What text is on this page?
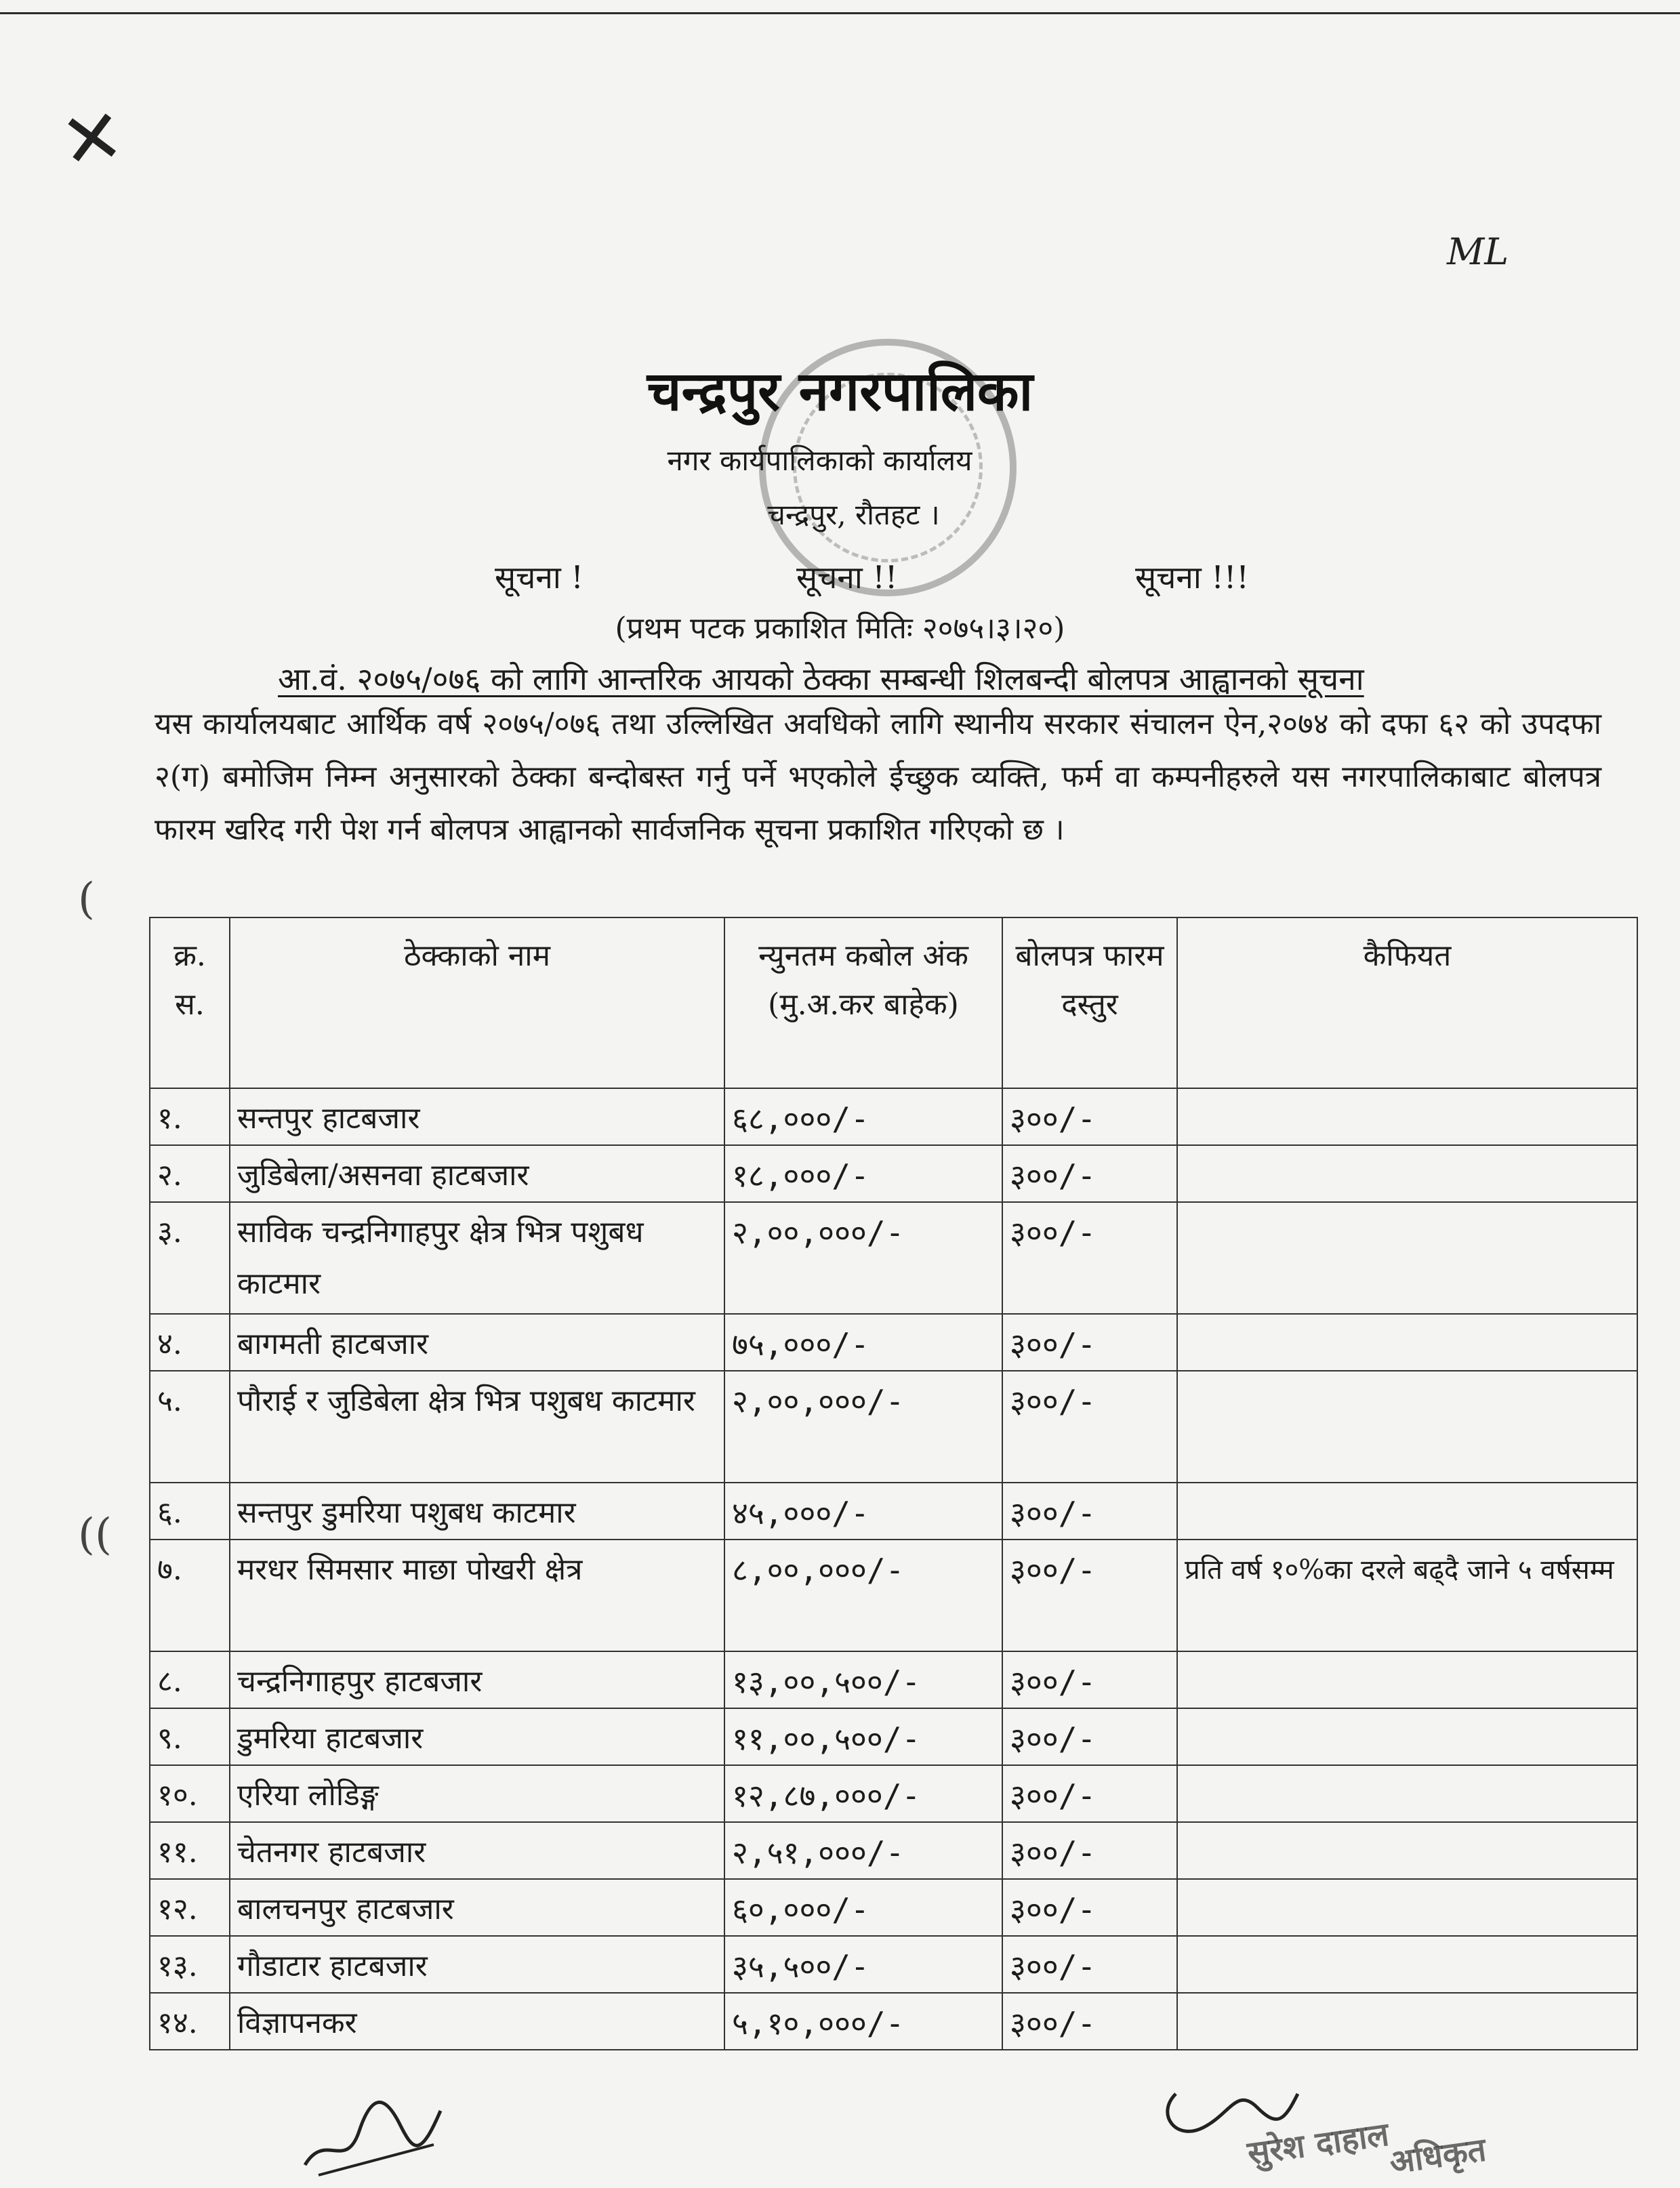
✕
ML
चन्द्रपुर नगरपालिका
नगर कार्यपालिकाको कार्यालय
चन्द्रपुर, रौतहट ।
सूचना !	सूचना !!	सूचना !!!
(प्रथम पटक प्रकाशित मितिः २०७५।३।२०)
आ.वं. २०७५/०७६ को लागि आन्तरिक आयको ठेक्का सम्बन्धी शिलबन्दी बोलपत्र आह्वानको सूचना
यस कार्यालयबाट आर्थिक वर्ष २०७५/०७६ तथा उल्लिखित अवधिको लागि स्थानीय सरकार संचालन ऐन,२०७४ को दफा ६२ को उपदफा २(ग) बमोजिम निम्न अनुसारको ठेक्का बन्दोबस्त गर्नु पर्ने भएकोले ईच्छुक व्यक्ति, फर्म वा कम्पनीहरुले यस नगरपालिकाबाट बोलपत्र फारम खरिद गरी पेश गर्न बोलपत्र आह्वानको सार्वजनिक सूचना प्रकाशित गरिएको छ ।
(
((
क्र. स.	ठेक्काको नाम	न्युनतम कबोल अंक (मु.अ.कर बाहेक)	बोलपत्र फारम दस्तुर	कैफियत
१.	सन्तपुर हाटबजार	६८,०००/-	३००/-	
२.	जुडिबेला/असनवा हाटबजार	१८,०००/-	३००/-	
३.	साविक चन्द्रनिगाहपुर क्षेत्र भित्र पशुबध काटमार	२,००,०००/-	३००/-	
४.	बागमती हाटबजार	७५,०००/-	३००/-	
५.	पौराई र जुडिबेला क्षेत्र भित्र पशुबध काटमार	२,००,०००/-	३००/-	
६.	सन्तपुर डुमरिया पशुबध काटमार	४५,०००/-	३००/-	
७.	मरधर सिमसार माछा पोखरी क्षेत्र	८,००,०००/-	३००/-	प्रति वर्ष १०%का दरले बढ्दै जाने ५ वर्षसम्म
८.	चन्द्रनिगाहपुर हाटबजार	१३,००,५००/-	३००/-	
९.	डुमरिया हाटबजार	११,००,५००/-	३००/-	
१०.	एरिया लोडिङ्ग	१२,८७,०००/-	३००/-	
११.	चेतनगर हाटबजार	२,५१,०००/-	३००/-	
१२.	बालचनपुर हाटबजार	६०,०००/-	३००/-	
१३.	गौडाटार हाटबजार	३५,५००/-	३००/-	
१४.	विज्ञापनकर	५,१०,०००/-	३००/-	
सुरेश दाहाल
अधिकृत
